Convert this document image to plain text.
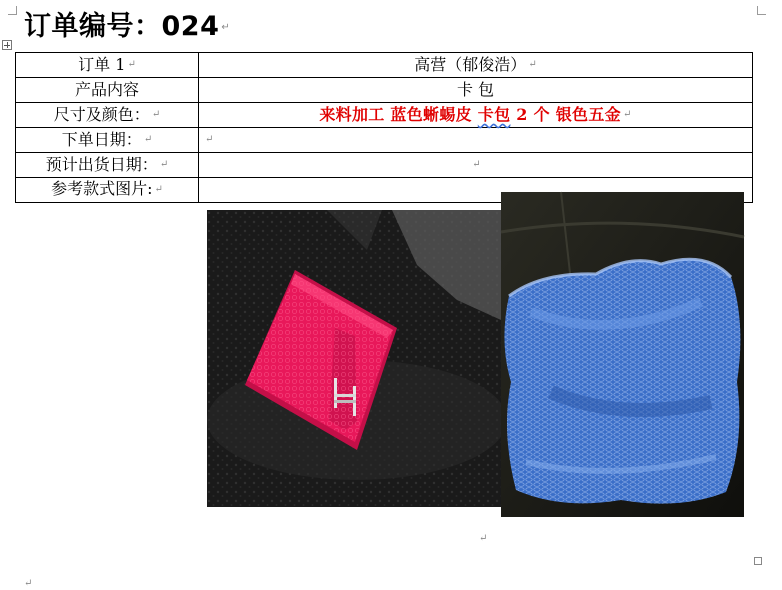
订单编号：024 ↵
订单 1 ↵	高营（郁俊浩） ↵
产品内容	卡 包
尺寸及颜色： ↵	来料加工 蓝色蜥蜴皮 卡包 2 个 银色五金 ↵
下单日期： ↵	↵
预计出货日期： ↵	↵
参考款式图片: ↵	↵
↵
